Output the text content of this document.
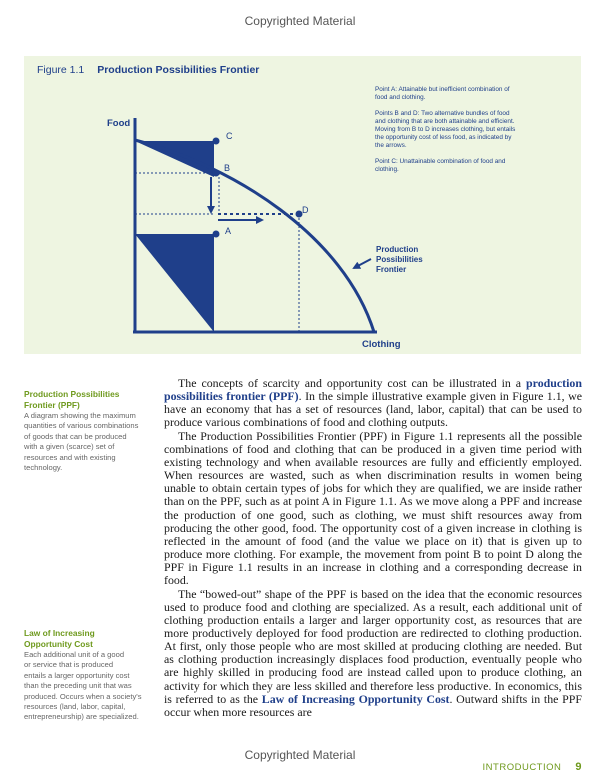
Copyrighted Material
Figure 1.1 Production Possibilities Frontier
Food
Clothing
C
B
D
A
Production Possibilities Frontier

Point A: Attainable but inefficient combination of food and clothing.

Points B and D: Two alternative bundles of food and clothing that are both attainable and efficient. Moving from B to D increases clothing, but entails the opportunity cost of less food, as indicated by the arrows.

Point C: Unattainable combination of food and clothing.

Production Possibilities
Frontier (PPF)
A diagram showing the maximum
quantities of various combinations
of goods that can be produced
with a given (scarce) set of
resources and with existing
technology.
Law of Increasing
Opportunity Cost
Each additional unit of a good
or service that is produced
entails a larger opportunity cost
than the preceding unit that was
produced. Occurs when a society's
resources (land, labor, capital,
entrepreneurship) are specialized.

The concepts of scarcity and opportunity cost can be illustrated in a production possibilities frontier (PPF). In the simple illustrative example given in Figure 1.1, we have an economy that has a set of resources (land, labor, capital) that can be used to produce various combinations of food and clothing outputs.

The Production Possibilities Frontier (PPF) in Figure 1.1 represents all the possible combinations of food and clothing that can be produced in a given time period with existing technology and when available resources are fully and efficiently employed. When resources are wasted, such as when discrimination results in women being unable to obtain certain types of jobs for which they are qualified, we are inside rather than on the PPF, such as at point A in Figure 1.1. As we move along a PPF and increase the production of one good, such as clothing, we must shift resources away from producing the other good, food. The opportunity cost of a given increase in clothing is reflected in the amount of food (and the value we place on it) that is given up to produce more clothing. For example, the movement from point B to point D along the PPF in Figure 1.1 results in an increase in clothing and a corresponding decrease in food.

The “bowed-out” shape of the PPF is based on the idea that the economic resources used to produce food and clothing are specialized. As a result, each additional unit of clothing production entails a larger and larger opportunity cost, as resources that are more productively deployed for food production are redirected to clothing production. At first, only those people who are most skilled at producing clothing are needed. But as clothing production increasingly displaces food production, eventually people who are highly skilled in producing food are instead called upon to produce clothing, an activity for which they are less skilled and therefore less productive. In economics, this is referred to as the Law of Increasing Opportunity Cost. Outward shifts in the PPF occur when more resources are

Copyrighted Material
INTRODUCTION 9
